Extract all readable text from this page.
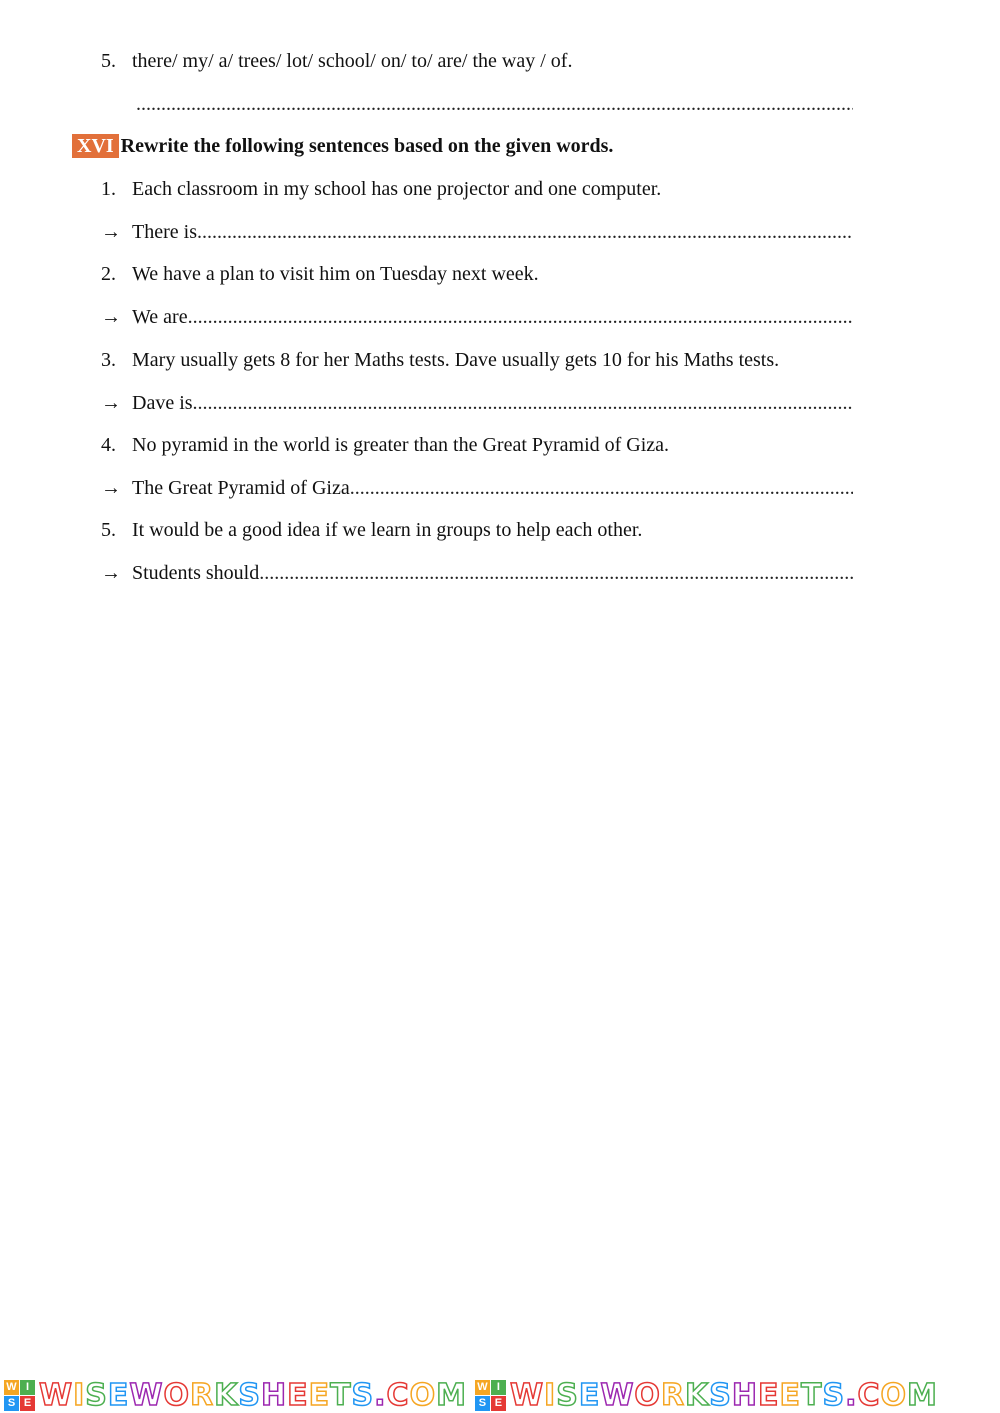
5. there/ my/ a/ trees/ lot/ school/ on/ to/ are/ the way / of.
.....
XVI Rewrite the following sentences based on the given words.
1. Each classroom in my school has one projector and one computer.
→ There is
.....
2. We have a plan to visit him on Tuesday next week.
→ We are
.....
3. Mary usually gets 8 for her Maths tests. Dave usually gets 10 for his Maths tests.
→ Dave is
.....
4. No pyramid in the world is greater than the Great Pyramid of Giza.
→ The Great Pyramid of Giza
.....
5. It would be a good idea if we learn in groups to help each other.
→ Students should
.....
W I
S E WISEWORKSHEETS.COM W I
S E WISEWORKSHEETS.COM
